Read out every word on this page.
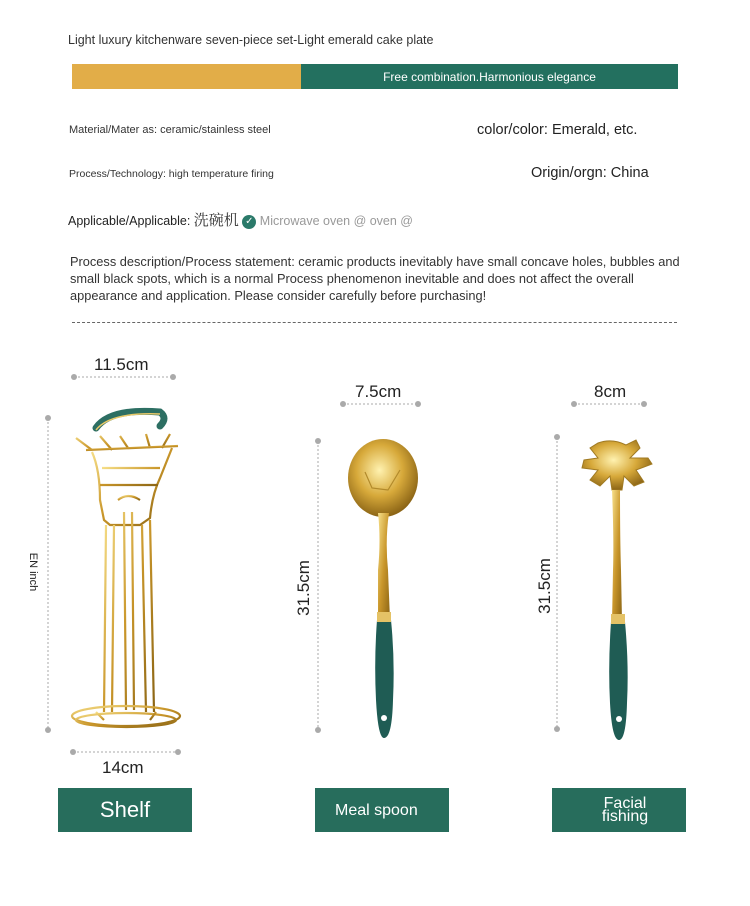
Light luxury kitchenware seven-piece set-Light emerald cake plate
Free combination.Harmonious elegance
Material/Mater as: ceramic/stainless steel	color/color: Emerald, etc.
Process/Technology: high temperature firing	Origin/orgn: China
Applicable/Applicable: 洗碗机 ✓ Microwave oven @ oven @
Process description/Process statement: ceramic products inevitably have small concave holes, bubbles and small black spots, which is a normal Process phenomenon inevitable and does not affect the overall appearance and application. Please consider carefully before purchasing!
11.5cm
14cm
EN inch
7.5cm
31.5cm
8cm
31.5cm
Shelf	Meal spoon	Facial fishing
